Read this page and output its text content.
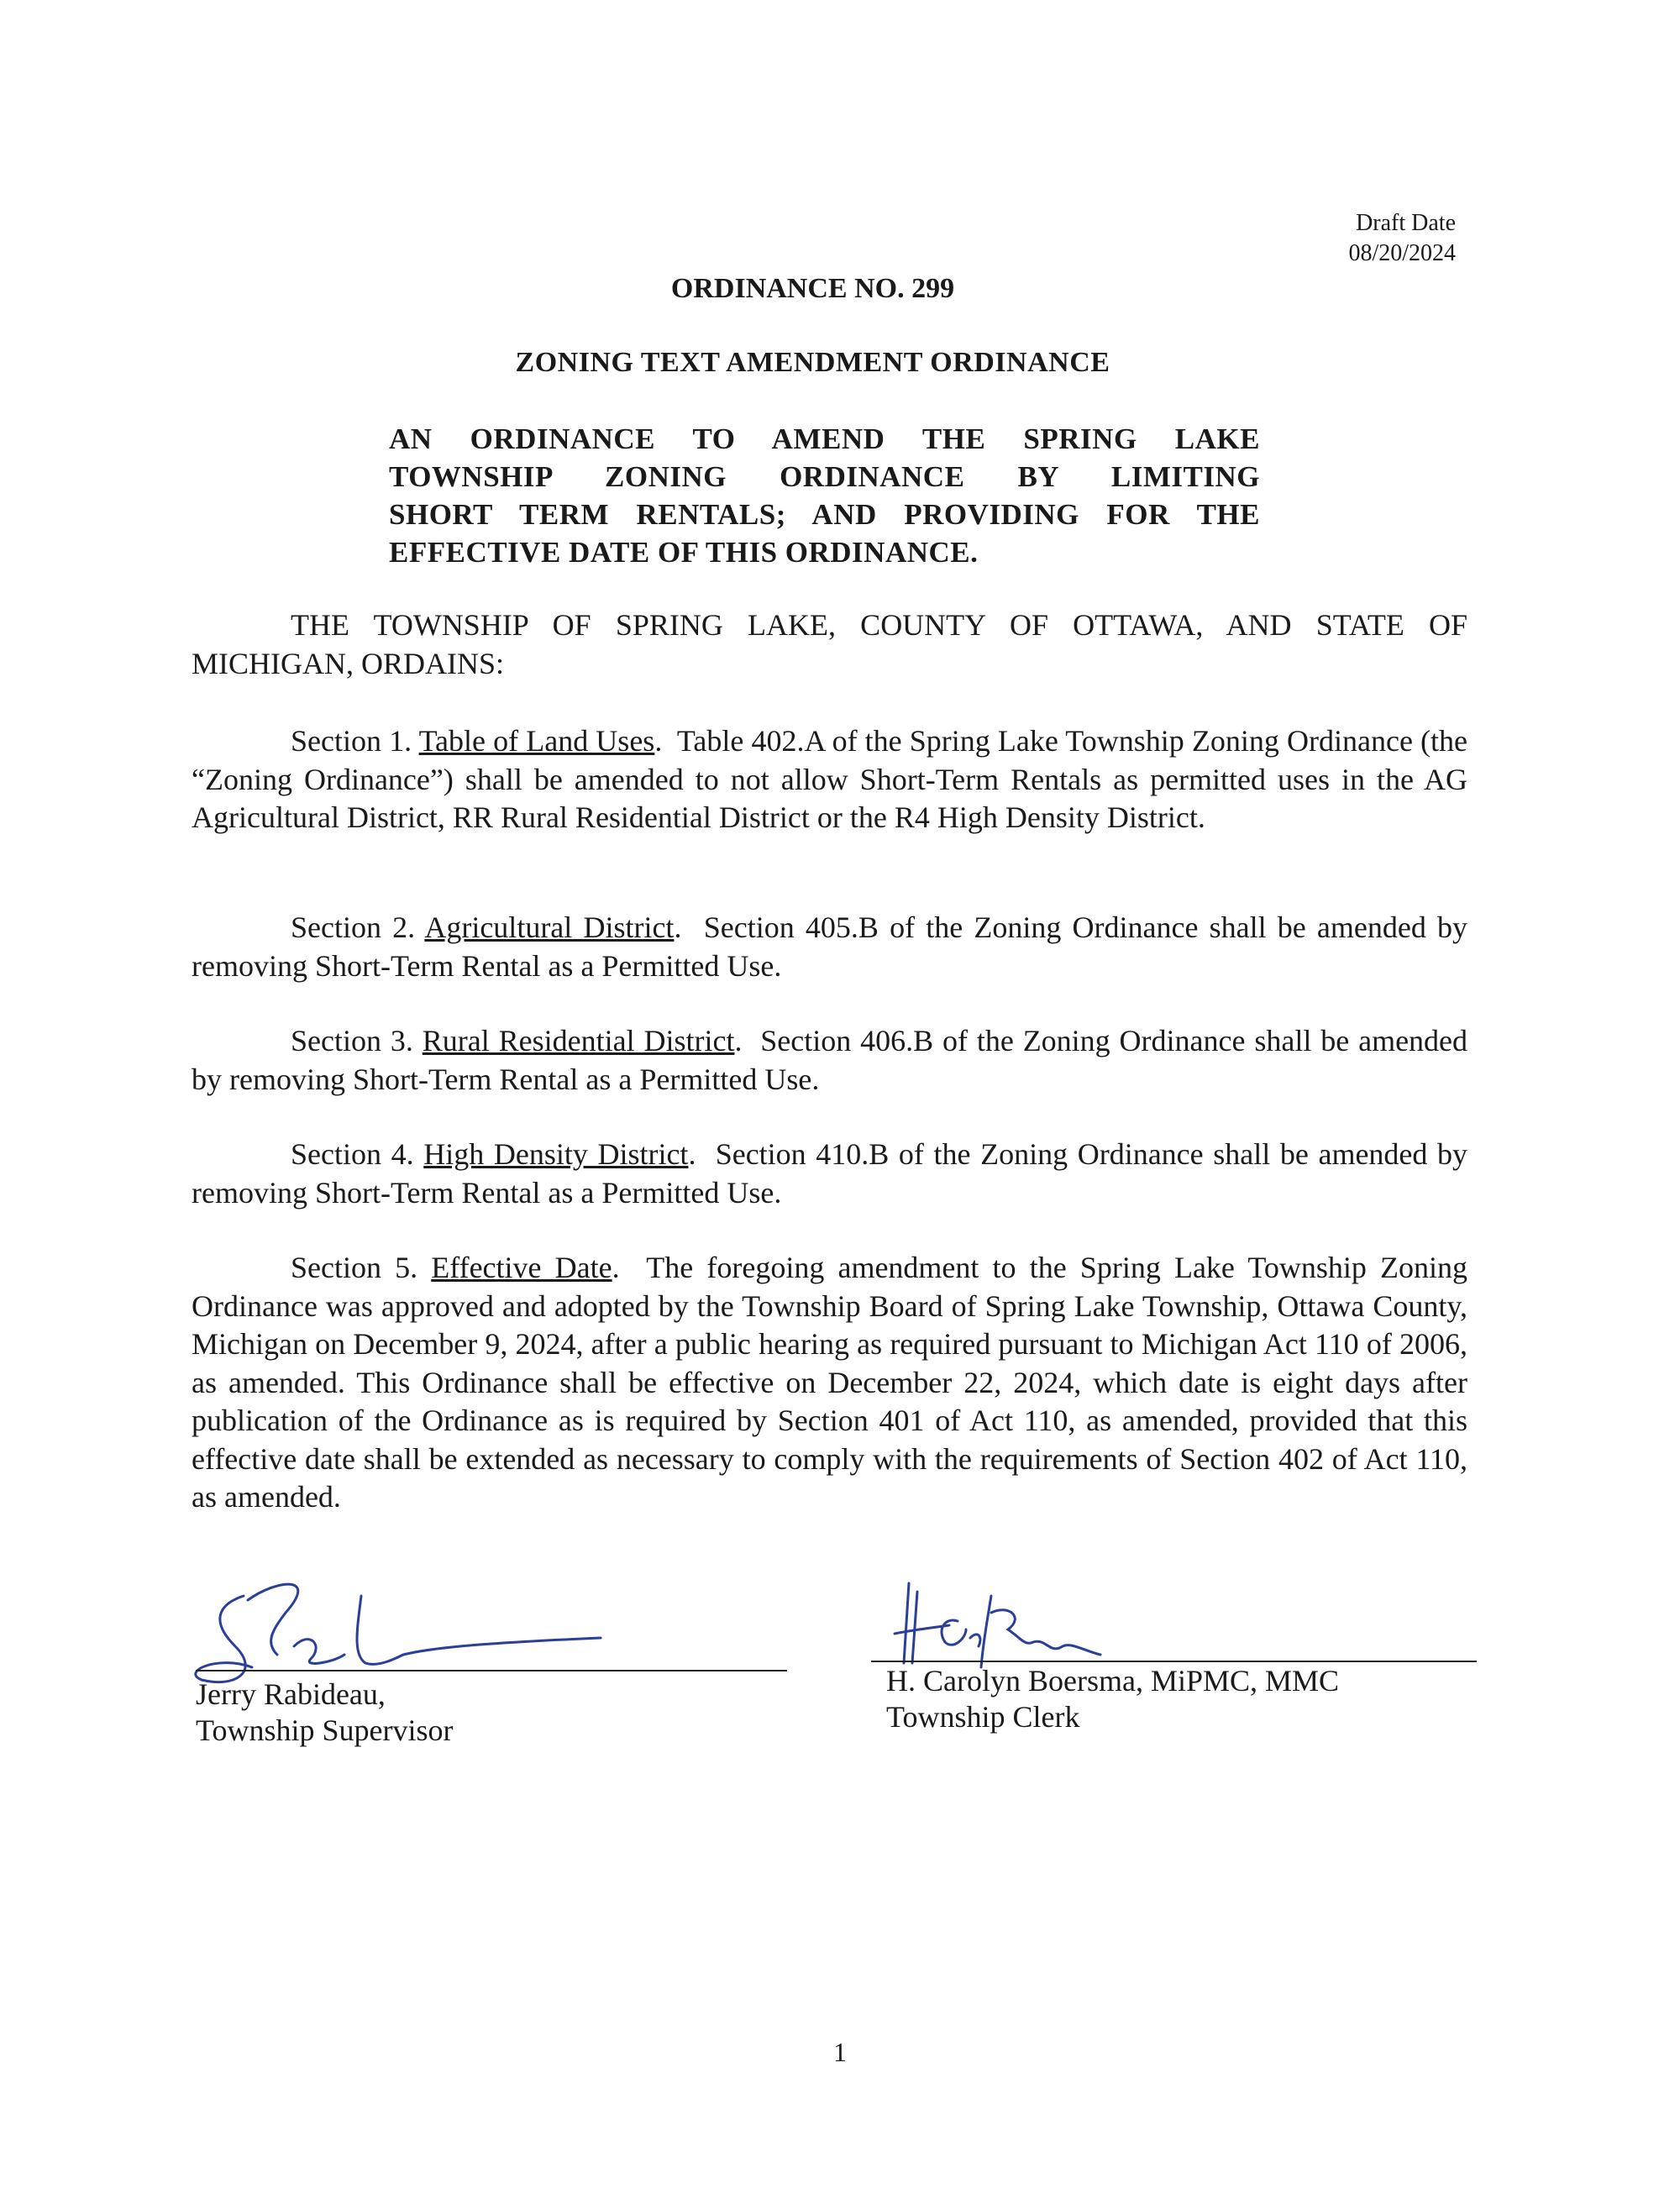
Draft Date
08/20/2024
ORDINANCE NO. 299
ZONING TEXT AMENDMENT ORDINANCE
AN ORDINANCE TO AMEND THE SPRING LAKE
TOWNSHIP ZONING ORDINANCE BY LIMITING
SHORT TERM RENTALS; AND PROVIDING FOR THE
EFFECTIVE DATE OF THIS ORDINANCE.
THE TOWNSHIP OF SPRING LAKE, COUNTY OF OTTAWA, AND STATE OF MICHIGAN, ORDAINS:
Section 1. Table of Land Uses.  Table 402.A of the Spring Lake Township Zoning Ordinance (the “Zoning Ordinance”) shall be amended to not allow Short-Term Rentals as permitted uses in the AG Agricultural District, RR Rural Residential District or the R4 High Density District.
Section 2. Agricultural District.  Section 405.B of the Zoning Ordinance shall be amended by removing Short-Term Rental as a Permitted Use.
Section 3. Rural Residential District.  Section 406.B of the Zoning Ordinance shall be amended by removing Short-Term Rental as a Permitted Use.
Section 4. High Density District.  Section 410.B of the Zoning Ordinance shall be amended by removing Short-Term Rental as a Permitted Use.
Section 5. Effective Date.  The foregoing amendment to the Spring Lake Township Zoning Ordinance was approved and adopted by the Township Board of Spring Lake Township, Ottawa County, Michigan on December 9, 2024, after a public hearing as required pursuant to Michigan Act 110 of 2006, as amended. This Ordinance shall be effective on December 22, 2024, which date is eight days after publication of the Ordinance as is required by Section 401 of Act 110, as amended, provided that this effective date shall be extended as necessary to comply with the requirements of Section 402 of Act 110, as amended.
Jerry Rabideau,
Township Supervisor
H. Carolyn Boersma, MiPMC, MMC
Township Clerk
1
